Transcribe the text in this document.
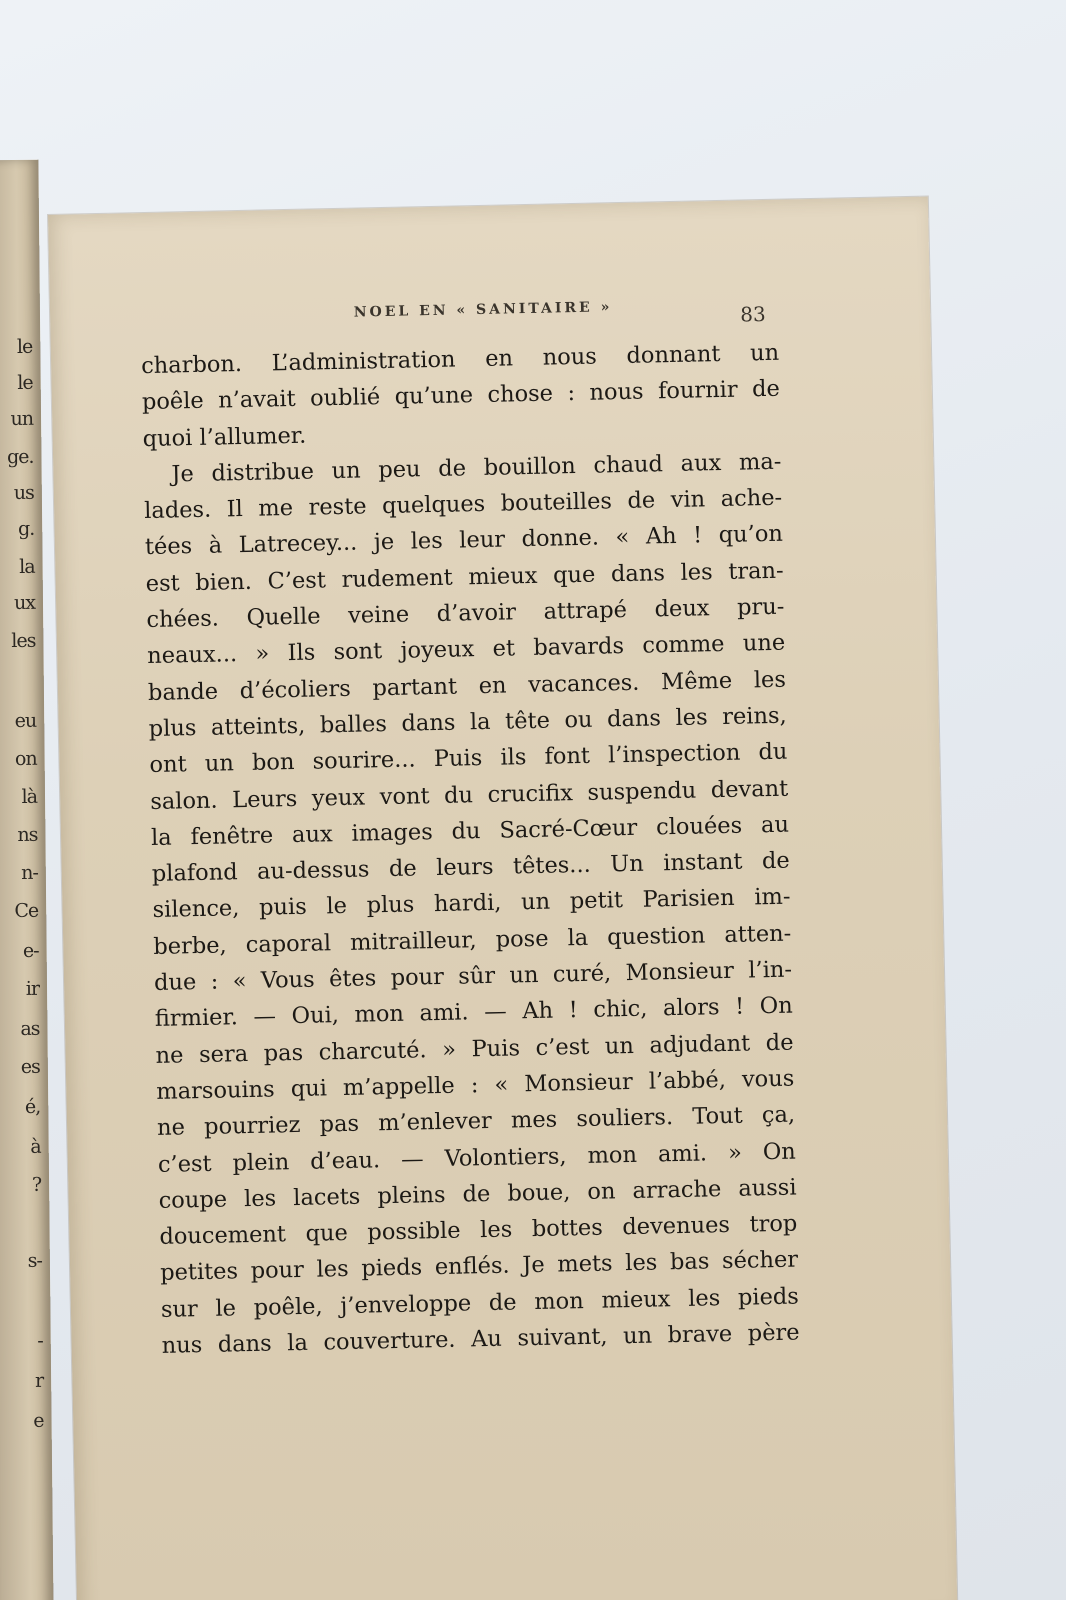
le
le
un
ge.
us
g.
la
ux
les
eu
on
là
ns
n-
Ce
e-
ir
as
es
é,
à
?
s-
-
r
e
NOEL EN « SANITAIRE »	83
charbon. L’administration en nous donnant un
poêle n’avait oublié qu’une chose : nous fournir de
quoi l’allumer.
Je distribue un peu de bouillon chaud aux ma-
lades. Il me reste quelques bouteilles de vin achе-
tées à Latrecey... je les leur donne. « Ah ! qu’on
est bien. C’est rudement mieux que dans les tran-
chées. Quelle veine d’avoir attrapé deux pru-
neaux... » Ils sont joyeux et bavards comme une
bande d’écoliers partant en vacances. Même les
plus atteints, balles dans la tête ou dans les reins,
ont un bon sourire... Puis ils font l’inspection du
salon. Leurs yeux vont du crucifix suspendu devant
la fenêtre aux images du Sacré-Cœur clouées au
plafond au-dessus de leurs têtes... Un instant de
silence, puis le plus hardi, un petit Parisien im-
berbe, caporal mitrailleur, pose la question atten-
due : « Vous êtes pour sûr un curé, Monsieur l’in-
firmier. — Oui, mon ami. — Ah ! chic, alors ! On
ne sera pas charcuté. » Puis c’est un adjudant de
marsouins qui m’appelle : « Monsieur l’abbé, vous
ne pourriez pas m’enlever mes souliers. Tout ça,
c’est plein d’eau. — Volontiers, mon ami. » On
coupe les lacets pleins de boue, on arrache aussi
doucement que possible les bottes devenues trop
petites pour les pieds enflés. Je mets les bas sécher
sur le poêle, j’enveloppe de mon mieux les pieds
nus dans la couverture. Au suivant, un brave père
